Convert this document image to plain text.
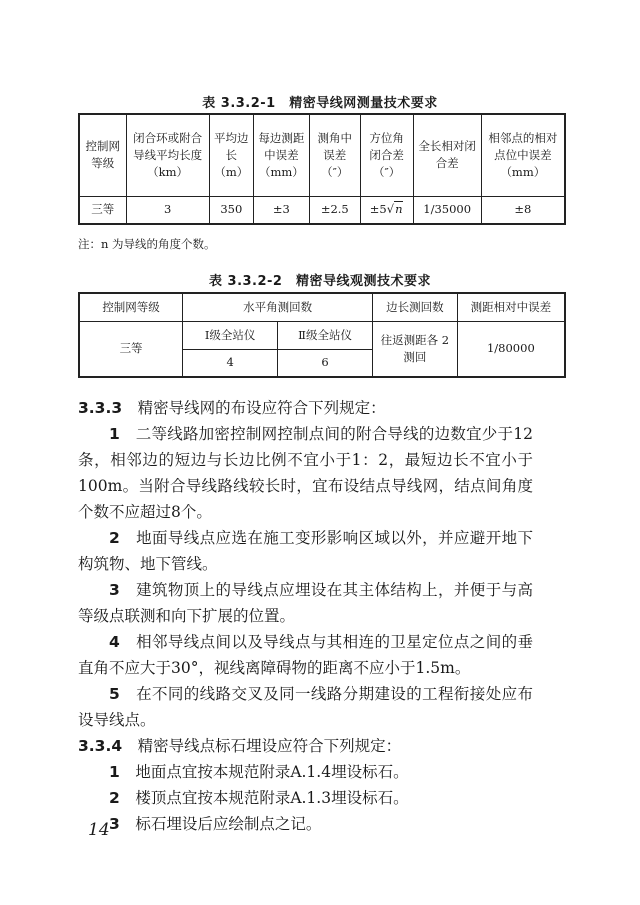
表 3.3.2-1　精密导线网测量技术要求
控制网等级	闭合环或附合导线平均长度（km）	平均边长（m）	每边测距中误差（mm）	测角中误差（″）	方位角闭合差（″）	全长相对闭合差	相邻点的相对点位中误差（mm）
三等	3	350	±3	±2.5	±5√n	1/35000	±8
注：n 为导线的角度个数。
表 3.3.2-2　精密导线观测技术要求
控制网等级	水平角测回数		边长测回数	测距相对中误差
三等	Ⅰ级全站仪	Ⅱ级全站仪	往返测距各 2 测回	1/80000
	4	6		

3.3.3　 精密导线网的布设应符合下列规定：

1　 二等线路加密控制网控制点间的附合导线的边数宜少于12条，相邻边的短边与长边比例不宜小于1：2，最短边长不宜小于100m。当附合导线路线较长时，宜布设结点导线网，结点间角度个数不应超过8个。

2　 地面导线点应选在施工变形影响区域以外，并应避开地下构筑物、地下管线。

3　 建筑物顶上的导线点应埋设在其主体结构上，并便于与高等级点联测和向下扩展的位置。

4　 相邻导线点间以及导线点与其相连的卫星定位点之间的垂直角不应大于30°，视线离障碍物的距离不应小于1.5m。

5　 在不同的线路交叉及同一线路分期建设的工程衔接处应布设导线点。

3.3.4　 精密导线点标石埋设应符合下列规定：

1　 地面点宜按本规范附录A.1.4埋设标石。

2　 楼顶点宜按本规范附录A.1.3埋设标石。

3　 标石埋设后应绘制点之记。

14
